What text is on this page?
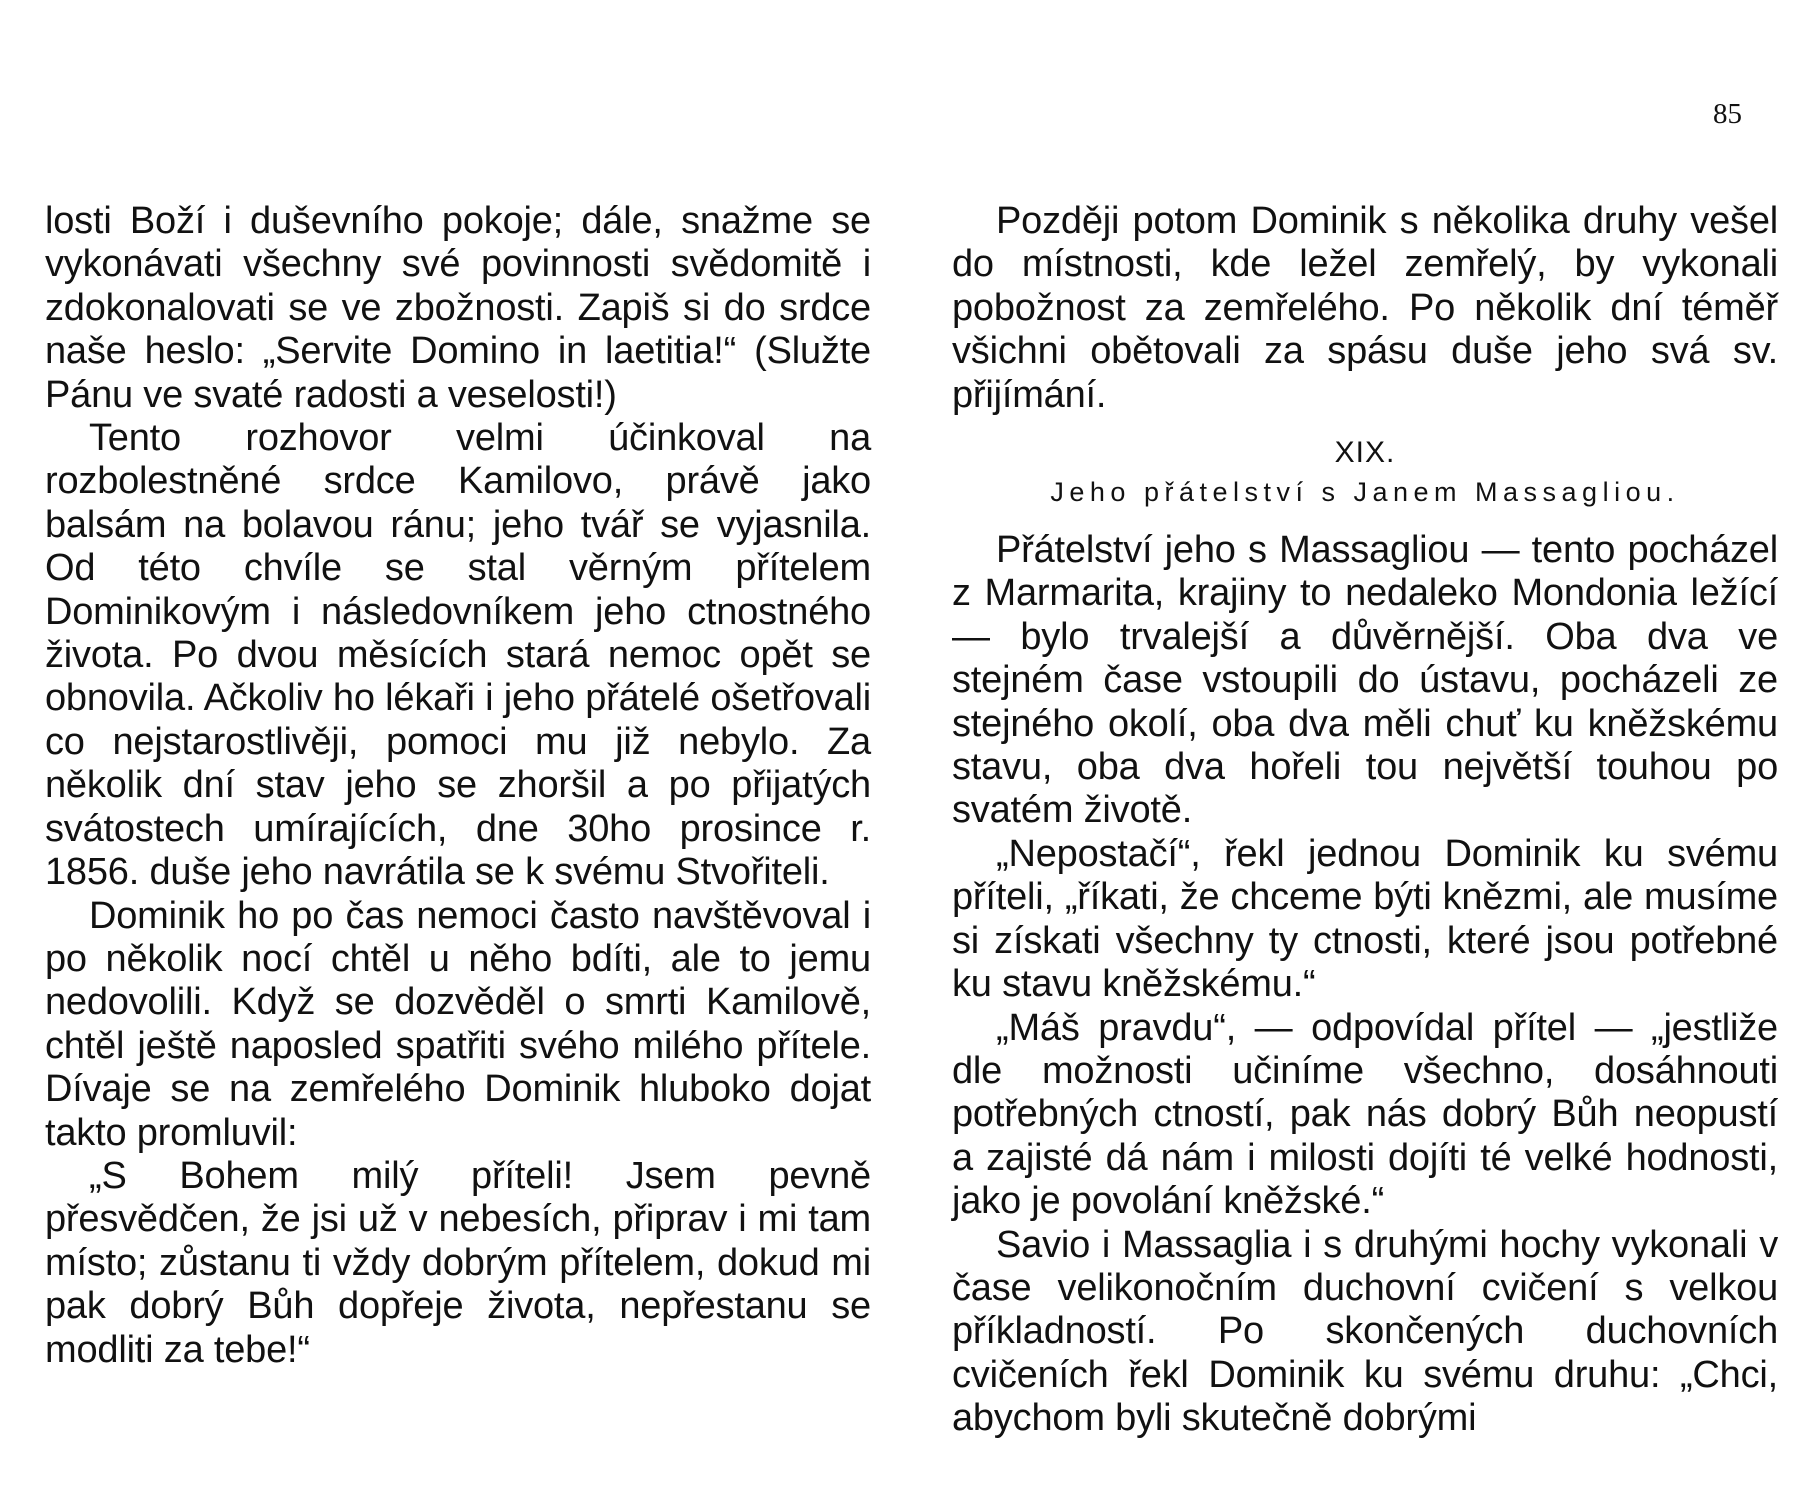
85

losti Boží i duševního pokoje; dále, snažme se vykonávati všechny své povinnosti svědomitě i zdokonalovati se ve zbožnosti. Zapiš si do srdce naše heslo: „Servite Domino in laetitia!“ (Služte Pánu ve svaté radosti a veselosti!)

Tento rozhovor velmi účinkoval na rozbolestněné srdce Kamilovo, právě jako balsám na bolavou ránu; jeho tvář se vyjasnila. Od této chvíle se stal věrným přítelem Dominikovým i následovníkem jeho ctnostného života. Po dvou měsících stará nemoc opět se obnovila. Ačkoliv ho lékaři i jeho přátelé ošetřovali co nejstarostlivěji, pomoci mu již nebylo. Za několik dní stav jeho se zhoršil a po přijatých svátostech umírajících, dne 30ho prosince r. 1856. duše jeho navrátila se k svému Stvořiteli.

Dominik ho po čas nemoci často navštěvoval i po několik nocí chtěl u něho bdíti, ale to jemu nedovolili. Když se dozvěděl o smrti Kamilově, chtěl ještě naposled spatřiti svého milého přítele. Dívaje se na zemřelého Dominik hluboko dojat takto promluvil:

„S Bohem milý příteli! Jsem pevně přesvědčen, že jsi už v nebesích, připrav i mi tam místo; zůstanu ti vždy dobrým přítelem, dokud mi pak dobrý Bůh dopřeje života, nepřestanu se modliti za tebe!“

Později potom Dominik s několika druhy vešel do místnosti, kde ležel zemřelý, by vykonali pobožnost za zemřelého. Po několik dní téměř všichni obětovali za spásu duše jeho svá sv. přijímání.

XIX.
Jeho přátelství s Janem Massagliou.

Přátelství jeho s Massagliou — tento pocházel z Marmarita, krajiny to nedaleko Mondonia ležící — bylo trvalejší a důvěrnější. Oba dva ve stejném čase vstoupili do ústavu, pocházeli ze stejného okolí, oba dva měli chuť ku kněžskému stavu, oba dva hořeli tou největší touhou po svatém životě.

„Nepostačí“, řekl jednou Dominik ku svému příteli, „říkati, že chceme býti knězmi, ale musíme si získati všechny ty ctnosti, které jsou potřebné ku stavu kněžskému.“

„Máš pravdu“, — odpovídal přítel — „jestliže dle možnosti učiníme všechno, dosáhnouti potřebných ctností, pak nás dobrý Bůh neopustí a zajisté dá nám i milosti dojíti té velké hodnosti, jako je povolání kněžské.“

Savio i Massaglia i s druhými hochy vykonali v čase velikonočním duchovní cvičení s velkou příkladností. Po skončených duchovních cvičeních řekl Dominik ku svému druhu: „Chci, abychom byli skutečně dobrými
